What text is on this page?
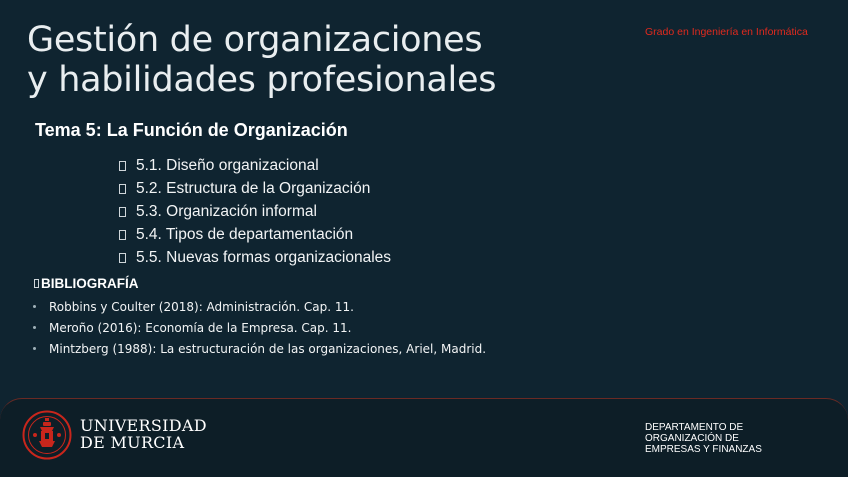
Gestión de organizaciones
y habilidades profesionales
Grado en Ingeniería en Informática
Tema 5: La Función de Organización
5.1. Diseño organizacional
5.2. Estructura de la Organización
5.3. Organización informal
5.4. Tipos de departamentación
5.5. Nuevas formas organizacionales
BIBLIOGRAFÍA
Robbins y Coulter (2018): Administración. Cap. 11.
Meroño (2016): Economía de la Empresa. Cap. 11.
Mintzberg (1988): La estructuración de las organizaciones, Ariel, Madrid.
UNIVERSIDAD
DE MURCIA
DEPARTAMENTO DE
ORGANIZACIÓN DE
EMPRESAS Y FINANZAS
